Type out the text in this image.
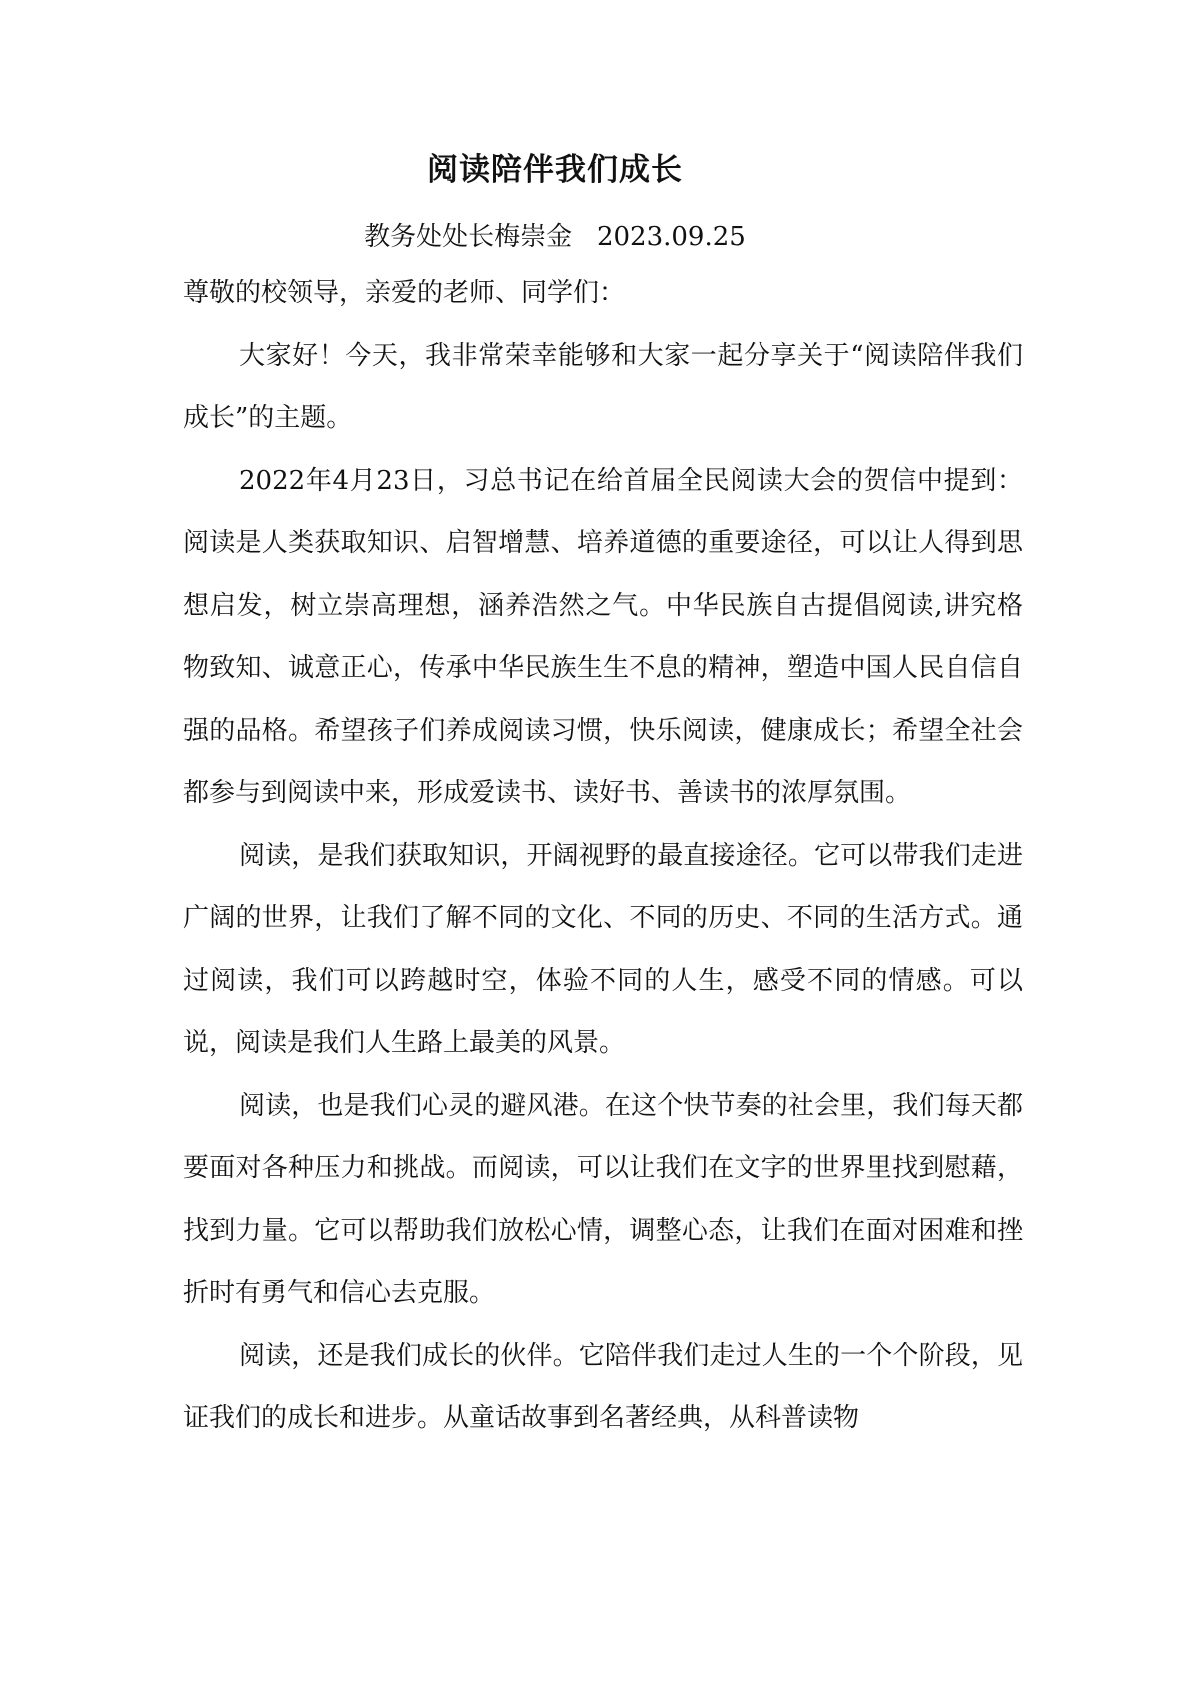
阅读陪伴我们成长
教务处处长梅崇金   2023.09.25

尊敬的校领导，亲爱的老师、同学们：

大家好！今天，我非常荣幸能够和大家一起分享关于“阅读陪伴我们成长”的主题。

2022年4月23日，习总书记在给首届全民阅读大会的贺信中提到：阅读是人类获取知识、启智增慧、培养道德的重要途径，可以让人得到思想启发，树立崇高理想，涵养浩然之气。中华民族自古提倡阅读,讲究格物致知、诚意正心，传承中华民族生生不息的精神，塑造中国人民自信自强的品格。希望孩子们养成阅读习惯，快乐阅读，健康成长；希望全社会都参与到阅读中来，形成爱读书、读好书、善读书的浓厚氛围。

阅读，是我们获取知识，开阔视野的最直接途径。它可以带我们走进广阔的世界，让我们了解不同的文化、不同的历史、不同的生活方式。通过阅读，我们可以跨越时空，体验不同的人生，感受不同的情感。可以说，阅读是我们人生路上最美的风景。

阅读，也是我们心灵的避风港。在这个快节奏的社会里，我们每天都要面对各种压力和挑战。而阅读，可以让我们在文字的世界里找到慰藉，找到力量。它可以帮助我们放松心情，调整心态，让我们在面对困难和挫折时有勇气和信心去克服。

阅读，还是我们成长的伙伴。它陪伴我们走过人生的一个个阶段，见证我们的成长和进步。从童话故事到名著经典，从科普读物
